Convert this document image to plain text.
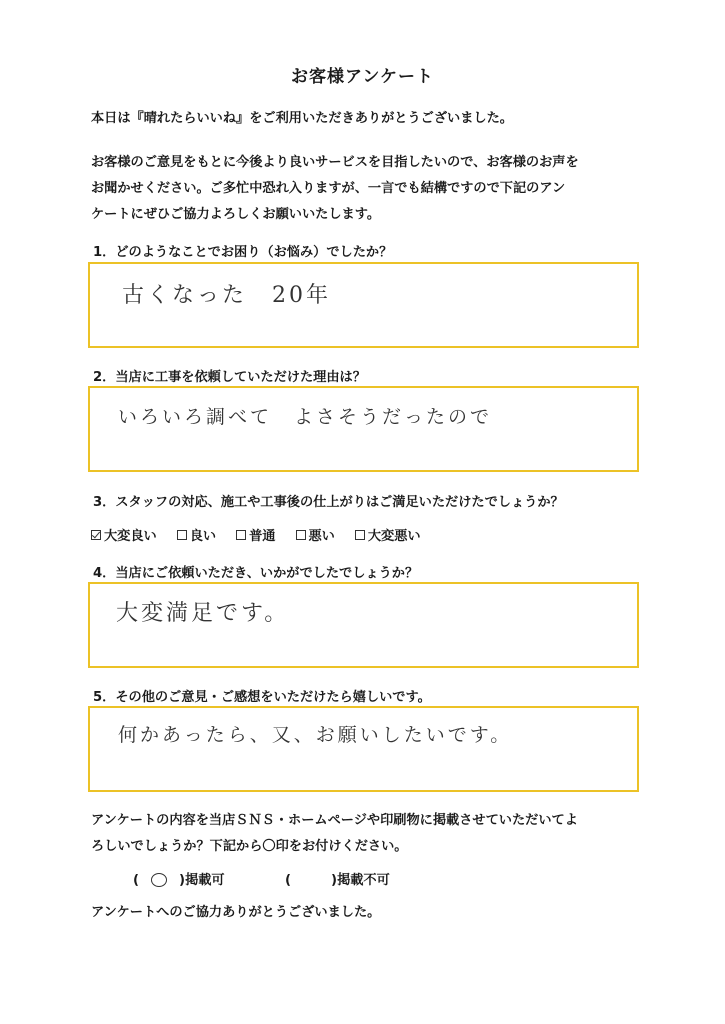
お客様アンケート
本日は『晴れたらいいね』をご利用いただきありがとうございました。
お客様のご意見をもとに今後より良いサービスを目指したいので、お客様のお声を
お聞かせください。ご多忙中恐れ入りますが、一言でも結構ですので下記のアン
ケートにぜひご協力よろしくお願いいたします。
1．どのようなことでお困り（お悩み）でしたか？
古くなった　20年
2．当店に工事を依頼していただけた理由は？
いろいろ調べて　よさそうだったので
3．スタッフの対応、施工や工事後の仕上がりはご満足いただけたでしょうか？
大変良い	良い	普通	悪い	大変悪い
4．当店にご依頼いただき、いかがでしたでしょうか？
大変満足です。
5．その他のご意見・ご感想をいただけたら嬉しいです。
何かあったら、又、お願いしたいです。
アンケートの内容を当店ＳＮＳ・ホームページや印刷物に掲載させていただいてよ
ろしいでしょうか？下記から〇印をお付けください。
( ○ )掲載可	(	)掲載不可
アンケートへのご協力ありがとうございました。
